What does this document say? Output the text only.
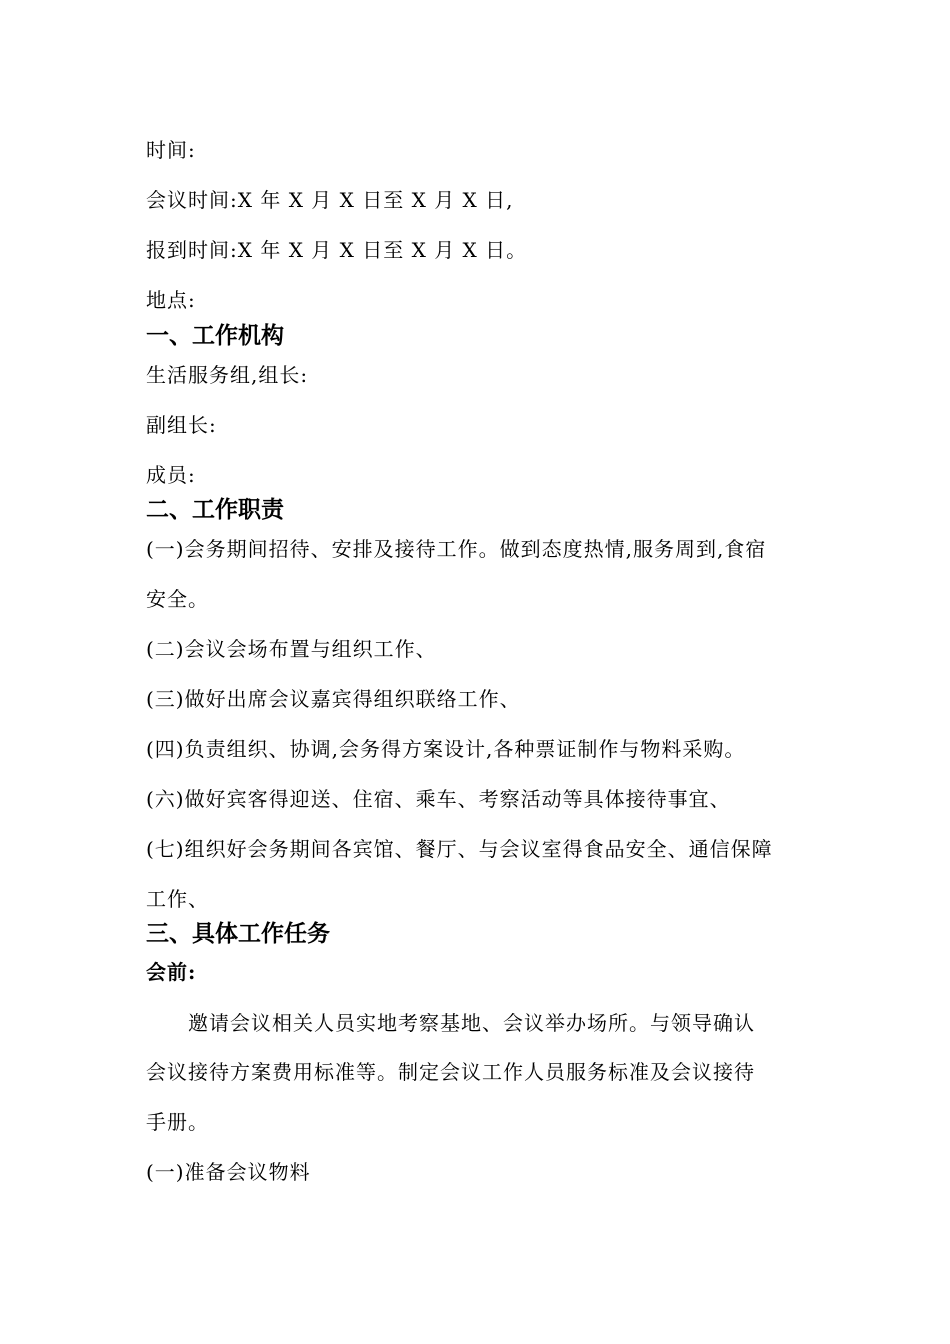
时间:
会议时间:X 年 X 月 X 日至 X 月 X 日,
报到时间:X 年 X 月 X 日至 X 月 X 日。
地点:
一、工作机构
生活服务组,组长:
副组长:
成员:
二、工作职责
(一)会务期间招待、安排及接待工作。做到态度热情,服务周到,食宿
安全。
(二)会议会场布置与组织工作、
(三)做好出席会议嘉宾得组织联络工作、
(四)负责组织、协调,会务得方案设计,各种票证制作与物料采购。
(六)做好宾客得迎送、住宿、乘车、考察活动等具体接待事宜、
(七)组织好会务期间各宾馆、餐厅、与会议室得食品安全、通信保障
工作、
三、具体工作任务
会前:
邀请会议相关人员实地考察基地、会议举办场所。与领导确认
会议接待方案费用标准等。制定会议工作人员服务标准及会议接待
手册。
(一)准备会议物料
